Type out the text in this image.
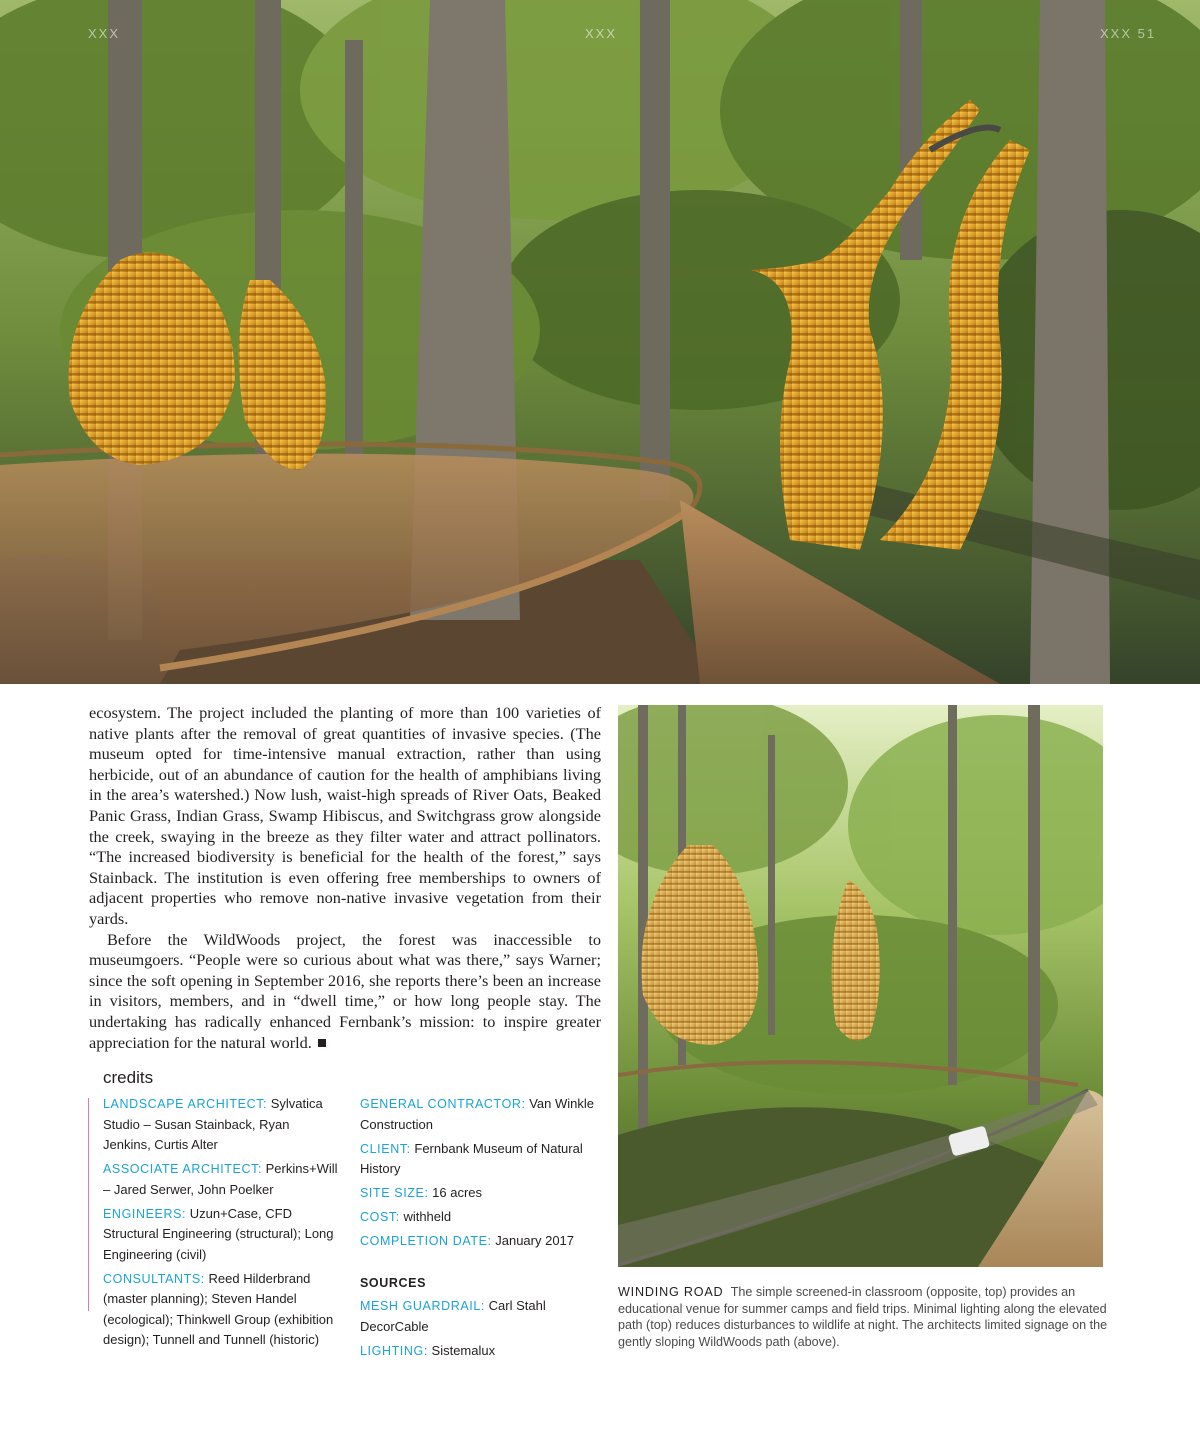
XXX	XXX	XXX 51

ecosystem. The project included the planting of more than 100 varieties of native plants after the removal of great quantities of invasive species. (The museum opted for time-intensive manual extraction, rather than using herbicide, out of an abundance of caution for the health of amphibians living in the area’s watershed.) Now lush, waist-high spreads of River Oats, Beaked Panic Grass, Indian Grass, Swamp Hibiscus, and Switchgrass grow alongside the creek, swaying in the breeze as they filter water and attract pollinators. “The increased biodiversity is beneficial for the health of the forest,” says Stainback. The institution is even offering free memberships to owners of adjacent properties who remove non-native invasive vegetation from their yards.

Before the WildWoods project, the forest was inaccessible to museumgoers. “People were so curious about what was there,” says Warner; since the soft opening in September 2016, she reports there’s been an increase in visitors, members, and in “dwell time,” or how long people stay. The undertaking has radically enhanced Fernbank’s mission: to inspire greater appreciation for the natural world.

credits
LANDSCAPE ARCHITECT: Sylvatica Studio – Susan Stainback, Ryan Jenkins, Curtis Alter
ASSOCIATE ARCHITECT: Perkins+Will – Jared Serwer, John Poelker
ENGINEERS: Uzun+Case, CFD Structural Engineering (structural); Long Engineering (civil)
CONSULTANTS: Reed Hilderbrand (master planning); Steven Handel (ecological); Thinkwell Group (exhibition design); Tunnell and Tunnell (historic)
GENERAL CONTRACTOR: Van Winkle Construction
CLIENT: Fernbank Museum of Natural History
SITE SIZE: 16 acres
COST: withheld
COMPLETION DATE: January 2017
SOURCES
MESH GUARDRAIL: Carl Stahl DecorCable
LIGHTING: Sistemalux
WINDING ROAD The simple screened-in classroom (opposite, top) provides an educational venue for summer camps and field trips. Minimal lighting along the elevated path (top) reduces disturbances to wildlife at night. The architects limited signage on the gently sloping WildWoods path (above).
